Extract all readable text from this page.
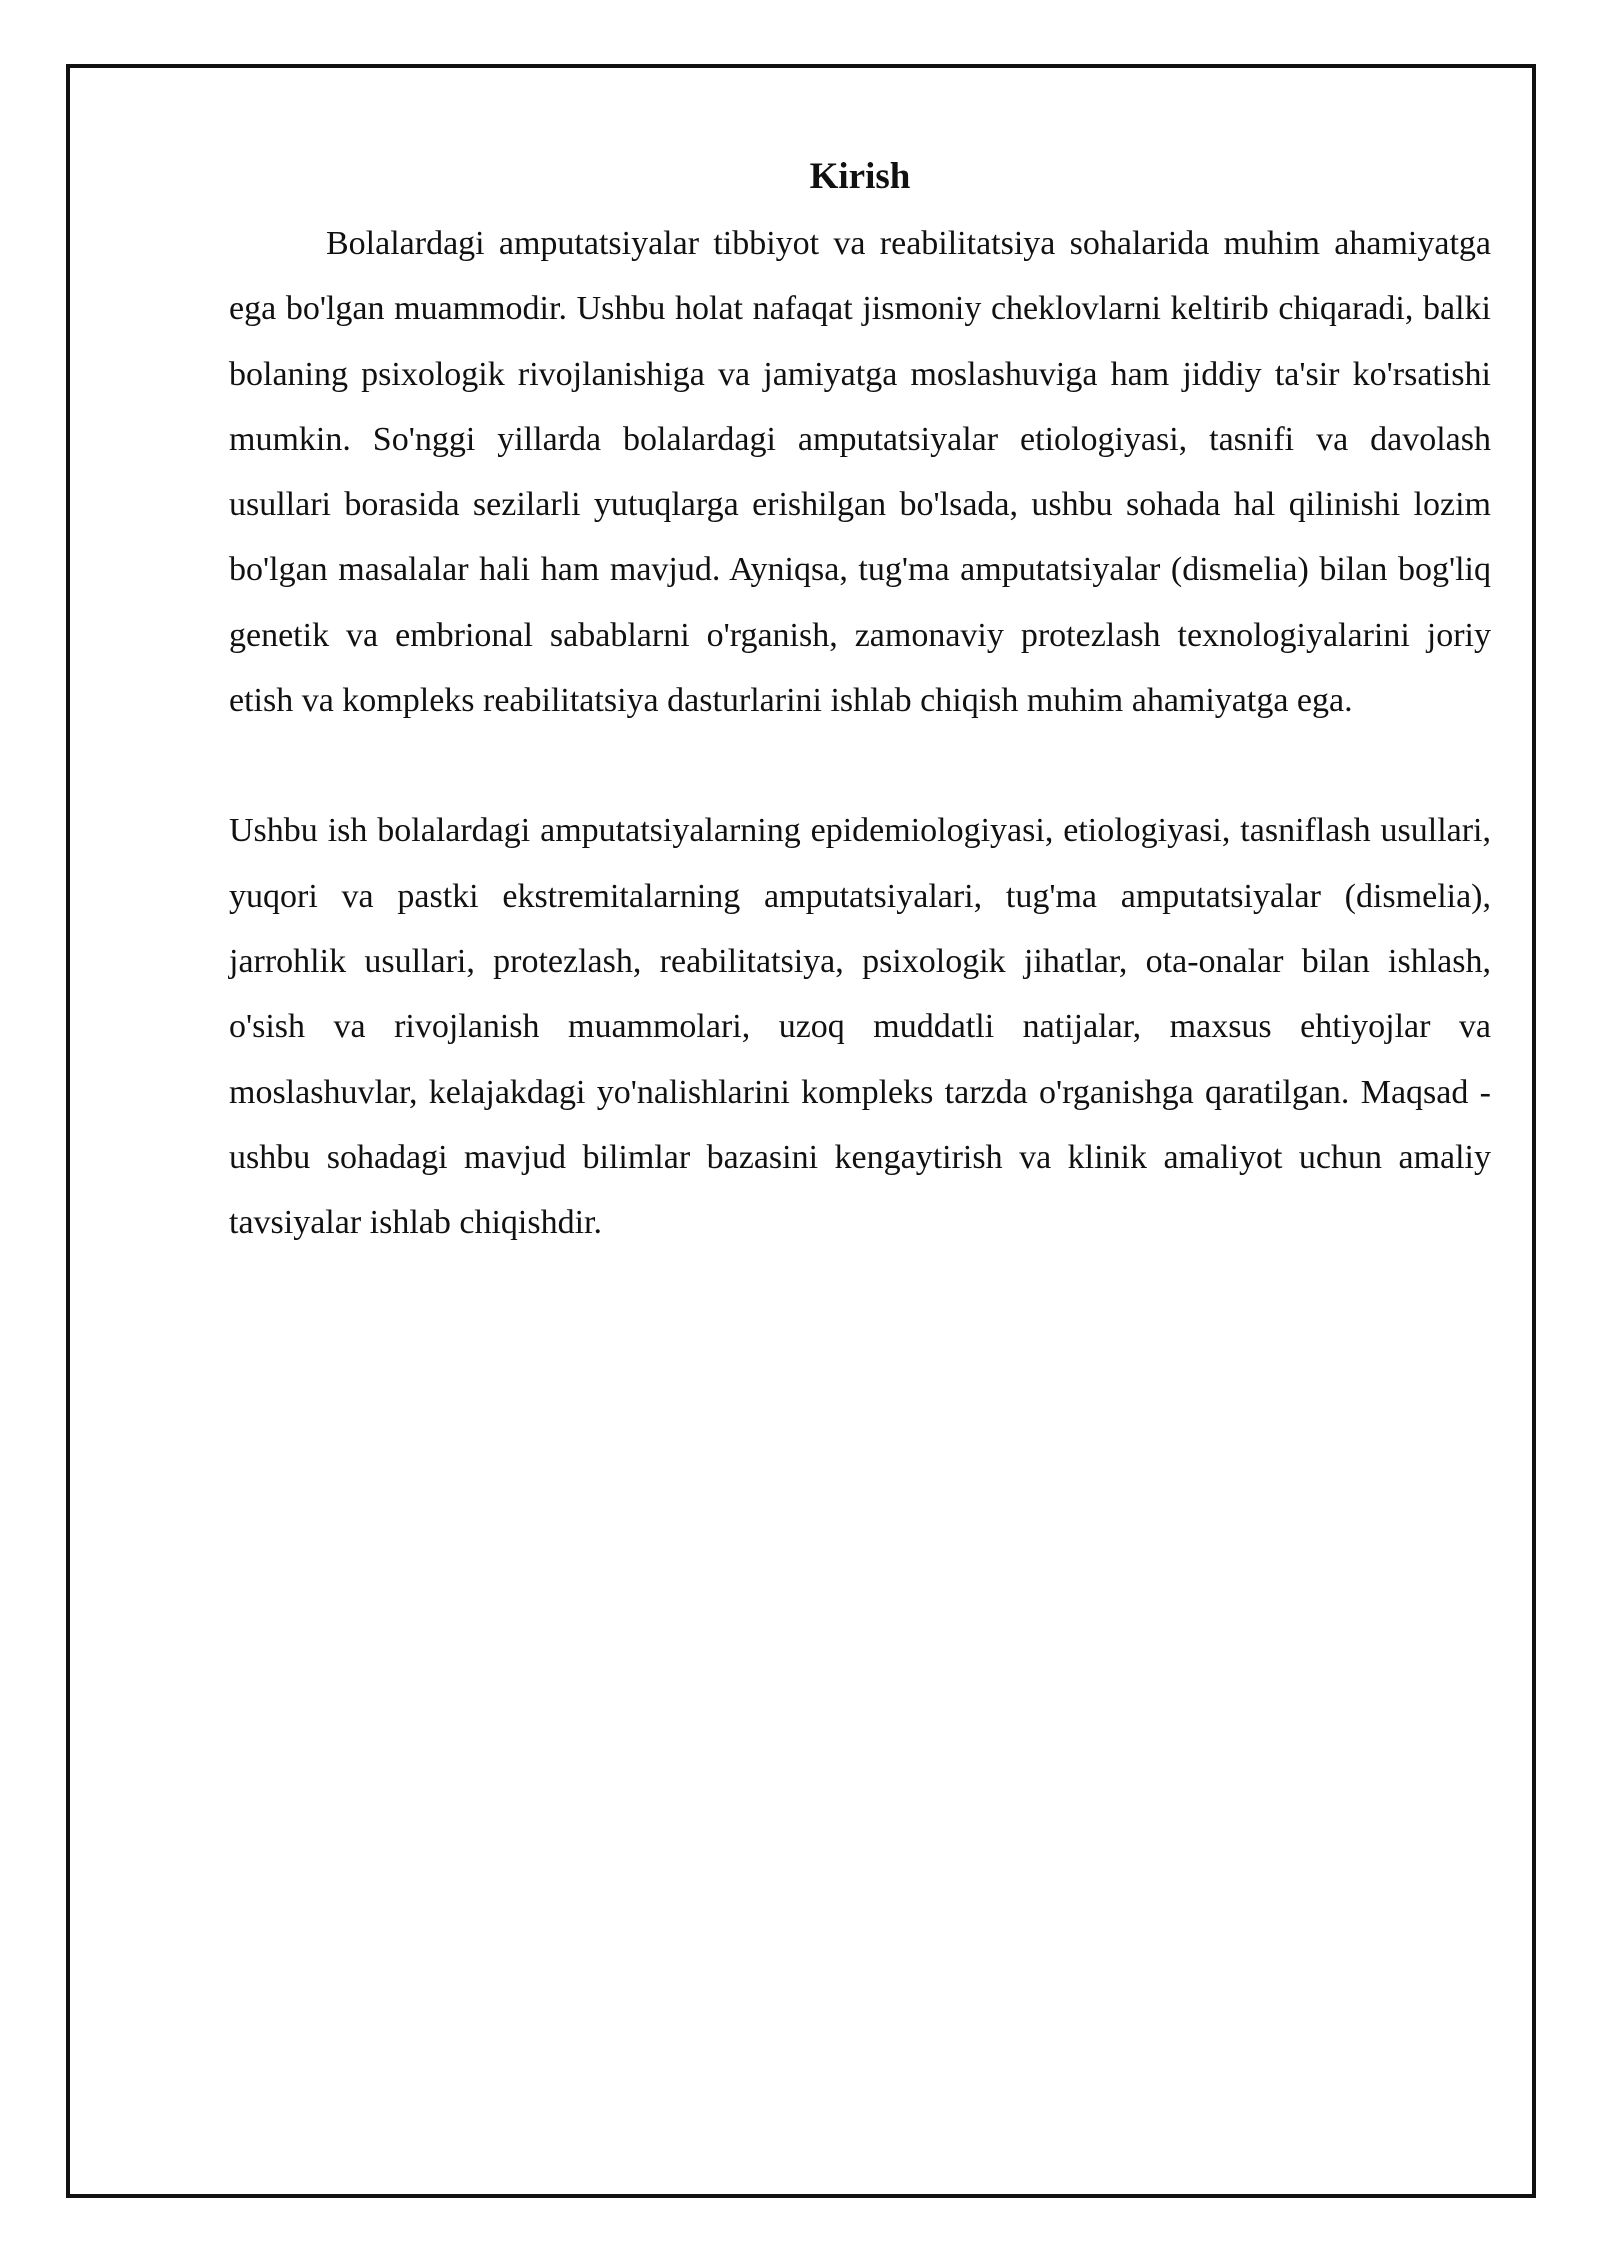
Kirish

Bolalardagi amputatsiyalar tibbiyot va reabilitatsiya sohalarida muhim ahamiyatga ega bo'lgan muammodir. Ushbu holat nafaqat jismoniy cheklovlarni keltirib chiqaradi, balki bolaning psixologik rivojlanishiga va jamiyatga moslashuviga ham jiddiy ta'sir ko'rsatishi mumkin. So'nggi yillarda bolalardagi amputatsiyalar etiologiyasi, tasnifi va davolash usullari borasida sezilarli yutuqlarga erishilgan bo'lsada, ushbu sohada hal qilinishi lozim bo'lgan masalalar hali ham mavjud. Ayniqsa, tug'ma amputatsiyalar (dismelia) bilan bog'liq genetik va embrional sabablarni o'rganish, zamonaviy protezlash texnologiyalarini joriy etish va kompleks reabilitatsiya dasturlarini ishlab chiqish muhim ahamiyatga ega.

Ushbu ish bolalardagi amputatsiyalarning epidemiologiyasi, etiologiyasi, tasniflash usullari, yuqori va pastki ekstremitalarning amputatsiyalari, tug'ma amputatsiyalar (dismelia), jarrohlik usullari, protezlash, reabilitatsiya, psixologik jihatlar, ota-onalar bilan ishlash, o'sish va rivojlanish muammolari, uzoq muddatli natijalar, maxsus ehtiyojlar va moslashuvlar, kelajakdagi yo'nalishlarini kompleks tarzda o'rganishga qaratilgan. Maqsad - ushbu sohadagi mavjud bilimlar bazasini kengaytirish va klinik amaliyot uchun amaliy tavsiyalar ishlab chiqishdir.
